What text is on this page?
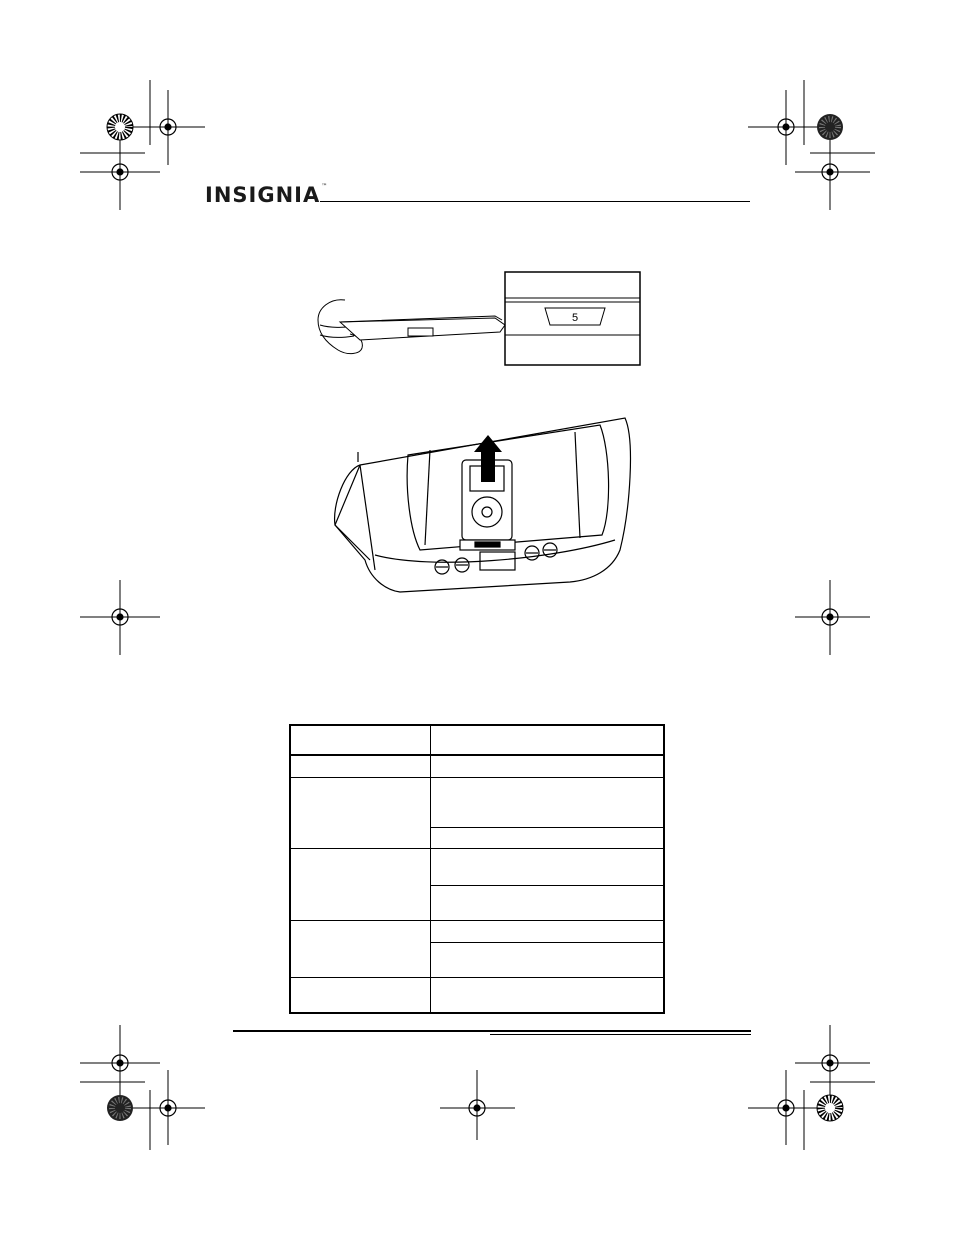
INSIGNIA™
5
